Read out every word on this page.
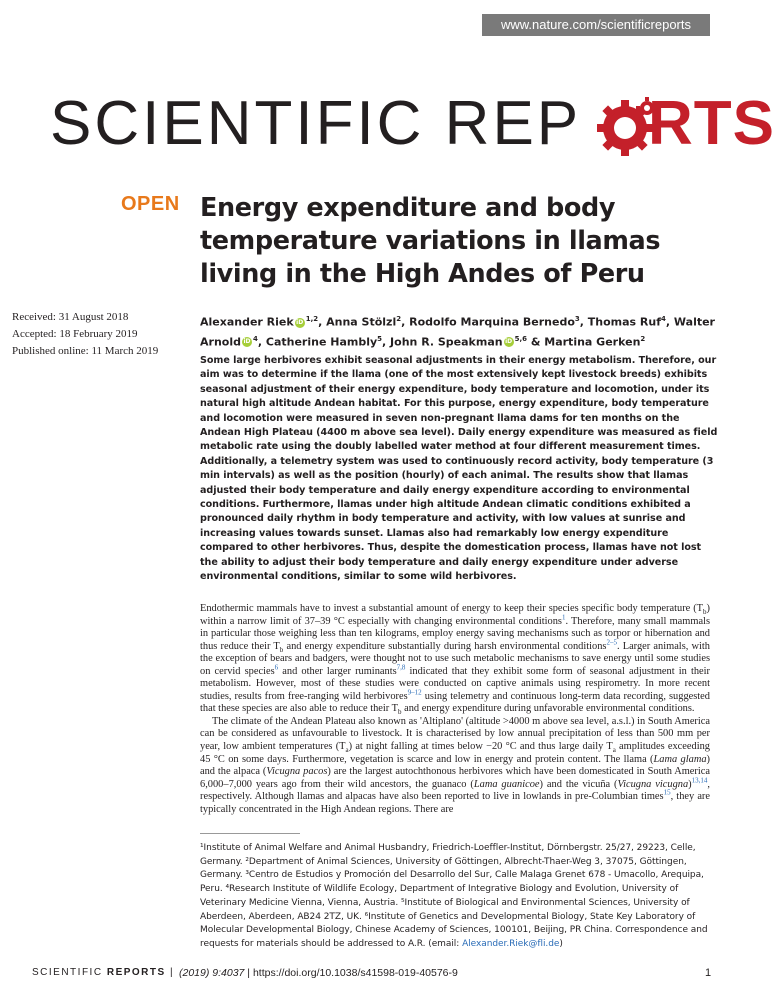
www.nature.com/scientificreports
SCIENTIFIC REP RTS
OPEN Energy expenditure and body temperature variations in llamas living in the High Andes of Peru
Received: 31 August 2018
Accepted: 18 February 2019
Published online: 11 March 2019
Alexander Riek iD $^{1,2}$, Anna Stölzl$^2$, Rodolfo Marquina Bernedo$^3$, Thomas Ruf$^4$, Walter Arnold iD $^4$, Catherine Hambly$^5$, John R. Speakman iD $^{5,6}$ & Martina Gerken$^2$

Some large herbivores exhibit seasonal adjustments in their energy metabolism. Therefore, our aim was to determine if the llama (one of the most extensively kept livestock breeds) exhibits seasonal adjustment of their energy expenditure, body temperature and locomotion, under its natural high altitude Andean habitat. For this purpose, energy expenditure, body temperature and locomotion were measured in seven non-pregnant llama dams for ten months on the Andean High Plateau (4400 m above sea level). Daily energy expenditure was measured as field metabolic rate using the doubly labelled water method at four different measurement times. Additionally, a telemetry system was used to continuously record activity, body temperature (3 min intervals) as well as the position (hourly) of each animal. The results show that llamas adjusted their body temperature and daily energy expenditure according to environmental conditions. Furthermore, llamas under high altitude Andean climatic conditions exhibited a pronounced daily rhythm in body temperature and activity, with low values at sunrise and increasing values towards sunset. Llamas also had remarkably low energy expenditure compared to other herbivores. Thus, despite the domestication process, llamas have not lost the ability to adjust their body temperature and daily energy expenditure under adverse environmental conditions, similar to some wild herbivores.

Endothermic mammals have to invest a substantial amount of energy to keep their species specific body temperature $(T_b)$ within a narrow limit of 37–39 °C especially with changing environmental conditions$^1$. Therefore, many small mammals in particular those weighing less than ten kilograms, employ energy saving mechanisms such as torpor or hibernation and thus reduce their $T_b$ and energy expenditure substantially during harsh environmental conditions$^{2-5}$. Larger animals, with the exception of bears and badgers, were thought not to use such metabolic mechanisms to save energy until some studies on cervid species$^6$ and other larger ruminants$^{7,8}$ indicated that they exhibit some form of seasonal adjustment in their metabolism. However, most of these studies were conducted on captive animals using respirometry. In more recent studies, results from free-ranging wild herbivores$^{9-12}$ using telemetry and continuous long-term data recording, suggested that these species are also able to reduce their $T_b$ and energy expenditure during unfavorable environmental conditions.

The climate of the Andean Plateau also known as 'Altiplano' (altitude >4000 m above sea level, a.s.l.) in South America can be considered as unfavourable to livestock. It is characterised by low annual precipitation of less than 500 mm per year, low ambient temperatures $(T_a)$ at night falling at times below −20 °C and thus large daily $T_a$ amplitudes exceeding 45 °C on some days. Furthermore, vegetation is scarce and low in energy and protein content. The llama (Lama glama) and the alpaca (Vicugna pacos) are the largest autochthonous herbivores which have been domesticated in South America 6,000–7,000 years ago from their wild ancestors, the guanaco (Lama guanicoe) and the vicuña (Vicugna vicugna)$^{13,14}$, respectively. Although llamas and alpacas have also been reported to live in lowlands in pre-Columbian times$^{15}$, they are typically concentrated in the High Andean regions. There are

¹Institute of Animal Welfare and Animal Husbandry, Friedrich-Loeffler-Institut, Dörnbergstr. 25/27, 29223, Celle, Germany. ²Department of Animal Sciences, University of Göttingen, Albrecht-Thaer-Weg 3, 37075, Göttingen, Germany. ³Centro de Estudios y Promoción del Desarrollo del Sur, Calle Malaga Grenet 678 - Umacollo, Arequipa, Peru. ⁴Research Institute of Wildlife Ecology, Department of Integrative Biology and Evolution, University of Veterinary Medicine Vienna, Vienna, Austria. ⁵Institute of Biological and Environmental Sciences, University of Aberdeen, Aberdeen, AB24 2TZ, UK. ⁶Institute of Genetics and Developmental Biology, State Key Laboratory of Molecular Developmental Biology, Chinese Academy of Sciences, 100101, Beijing, PR China. Correspondence and requests for materials should be addressed to A.R. (email: Alexander.Riek@fli.de)

SCIENTIFIC REPORTS | (2019) 9:4037 | https://doi.org/10.1038/s41598-019-40576-9	1
